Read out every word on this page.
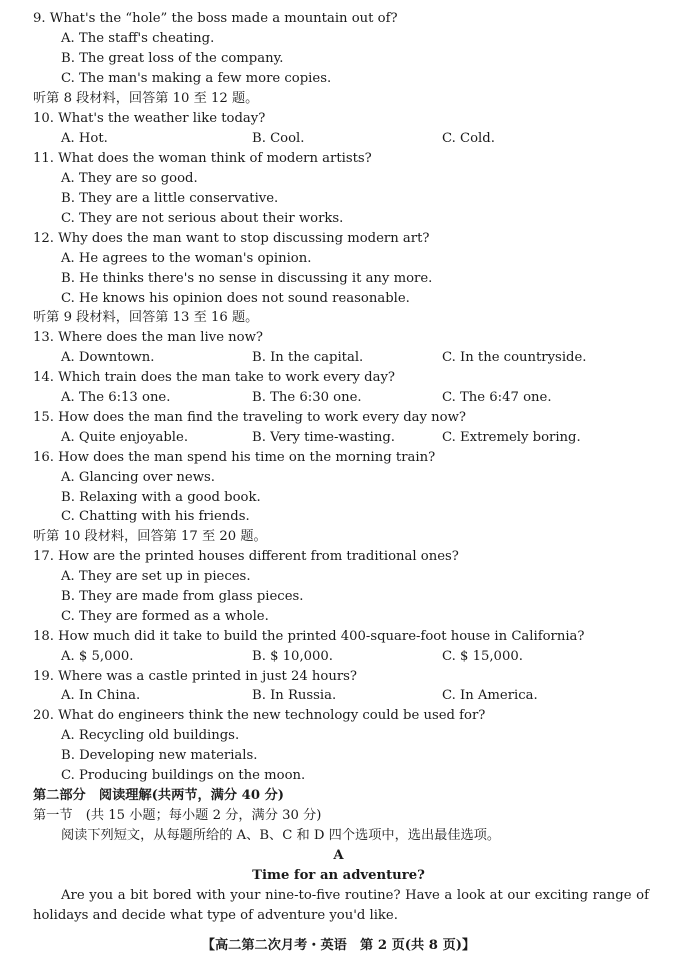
9. What's the “hole” the boss made a mountain out of?
A. The staff's cheating.
B. The great loss of the company.
C. The man's making a few more copies.
听第 8 段材料，回答第 10 至 12 题。
10. What's the weather like today?
A. Hot.	B. Cool.	C. Cold.
11. What does the woman think of modern artists?
A. They are so good.
B. They are a little conservative.
C. They are not serious about their works.
12. Why does the man want to stop discussing modern art?
A. He agrees to the woman's opinion.
B. He thinks there's no sense in discussing it any more.
C. He knows his opinion does not sound reasonable.
听第 9 段材料，回答第 13 至 16 题。
13. Where does the man live now?
A. Downtown.	B. In the capital.	C. In the countryside.
14. Which train does the man take to work every day?
A. The 6:13 one.	B. The 6:30 one.	C. The 6:47 one.
15. How does the man find the traveling to work every day now?
A. Quite enjoyable.	B. Very time-wasting.	C. Extremely boring.
16. How does the man spend his time on the morning train?
A. Glancing over news.
B. Relaxing with a good book.
C. Chatting with his friends.
听第 10 段材料，回答第 17 至 20 题。
17. How are the printed houses different from traditional ones?
A. They are set up in pieces.
B. They are made from glass pieces.
C. They are formed as a whole.
18. How much did it take to build the printed 400-square-foot house in California?
A. $ 5,000.	B. $ 10,000.	C. $ 15,000.
19. Where was a castle printed in just 24 hours?
A. In China.	B. In Russia.	C. In America.
20. What do engineers think the new technology could be used for?
A. Recycling old buildings.
B. Developing new materials.
C. Producing buildings on the moon.
第二部分　阅读理解(共两节，满分 40 分)
第一节　(共 15 小题；每小题 2 分，满分 30 分)
阅读下列短文，从每题所给的 A、B、C 和 D 四个选项中，选出最佳选项。
A
Time for an adventure?
Are you a bit bored with your nine-to-five routine? Have a look at our exciting range of holidays and decide what type of adventure you'd like.
【高二第二次月考・英语　第 2 页(共 8 页)】
